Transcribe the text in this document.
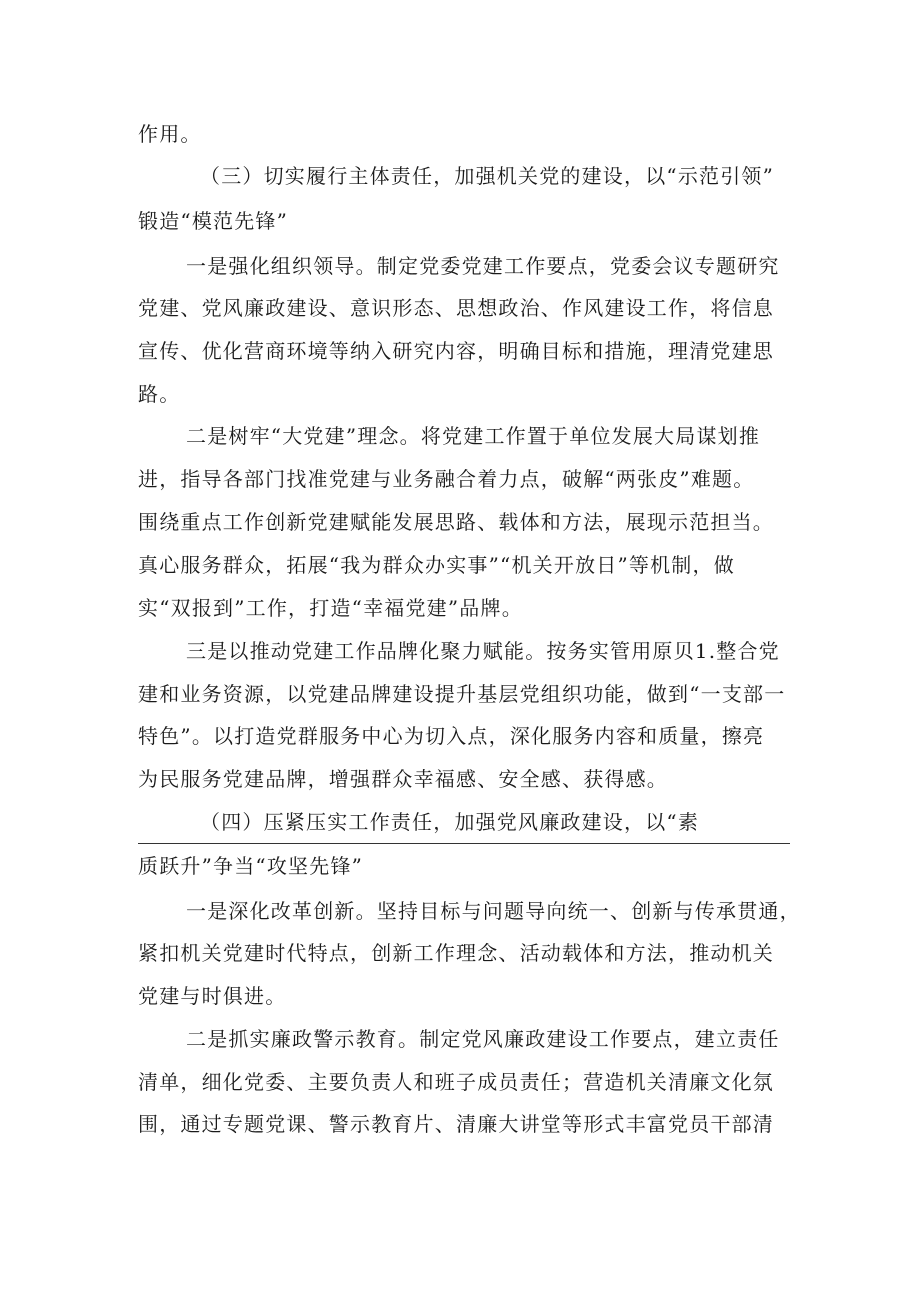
作用。

（三）切实履行主体责任，加强机关党的建设，以“示范引领”

锻造“模范先锋”

一是强化组织领导。制定党委党建工作要点，党委会议专题研究

党建、党风廉政建设、意识形态、思想政治、作风建设工作，将信息

宣传、优化营商环境等纳入研究内容，明确目标和措施，理清党建思

路。

二是树牢“大党建”理念。将党建工作置于单位发展大局谋划推

进，指导各部门找准党建与业务融合着力点，破解“两张皮”难题。

围绕重点工作创新党建赋能发展思路、载体和方法，展现示范担当。

真心服务群众，拓展“我为群众办实事”“机关开放日”等机制，做

实“双报到”工作，打造“幸福党建”品牌。

三是以推动党建工作品牌化聚力赋能。按务实管用原贝1.整合党

建和业务资源，以党建品牌建设提升基层党组织功能，做到“一支部一

特色”。以打造党群服务中心为切入点，深化服务内容和质量，擦亮

为民服务党建品牌，增强群众幸福感、安全感、获得感。

（四）压紧压实工作责任，加强党风廉政建设，以“素

质跃升”争当“攻坚先锋”

一是深化改革创新。坚持目标与问题导向统一、创新与传承贯通，

紧扣机关党建时代特点，创新工作理念、活动载体和方法，推动机关

党建与时俱进。

二是抓实廉政警示教育。制定党风廉政建设工作要点，建立责任

清单，细化党委、主要负责人和班子成员责任；营造机关清廉文化氛

围，通过专题党课、警示教育片、清廉大讲堂等形式丰富党员干部清
